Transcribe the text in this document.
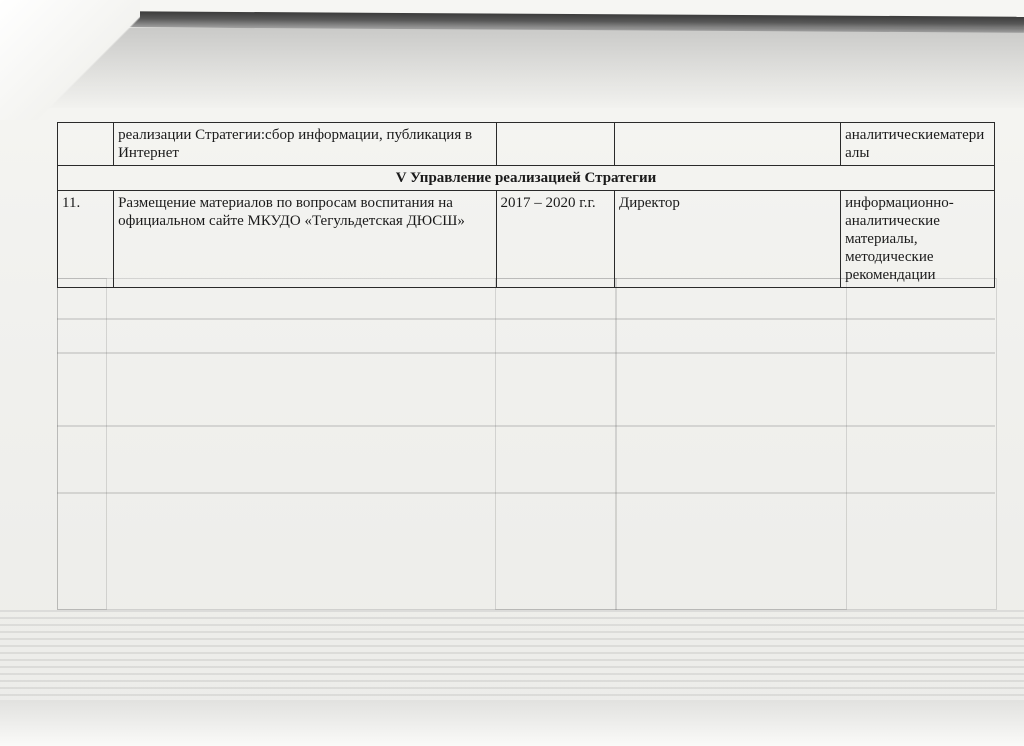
	реализации Стратегии:сбор информации, публикация в Интернет			аналитическиематериалы
V Управление реализацией Стратегии				
11.	Размещение материалов по вопросам воспитания на официальном сайте МКУДО «Тегульдетская ДЮСШ»	2017 – 2020 г.г.	Директор	информационно-аналитические материалы, методические рекомендации
